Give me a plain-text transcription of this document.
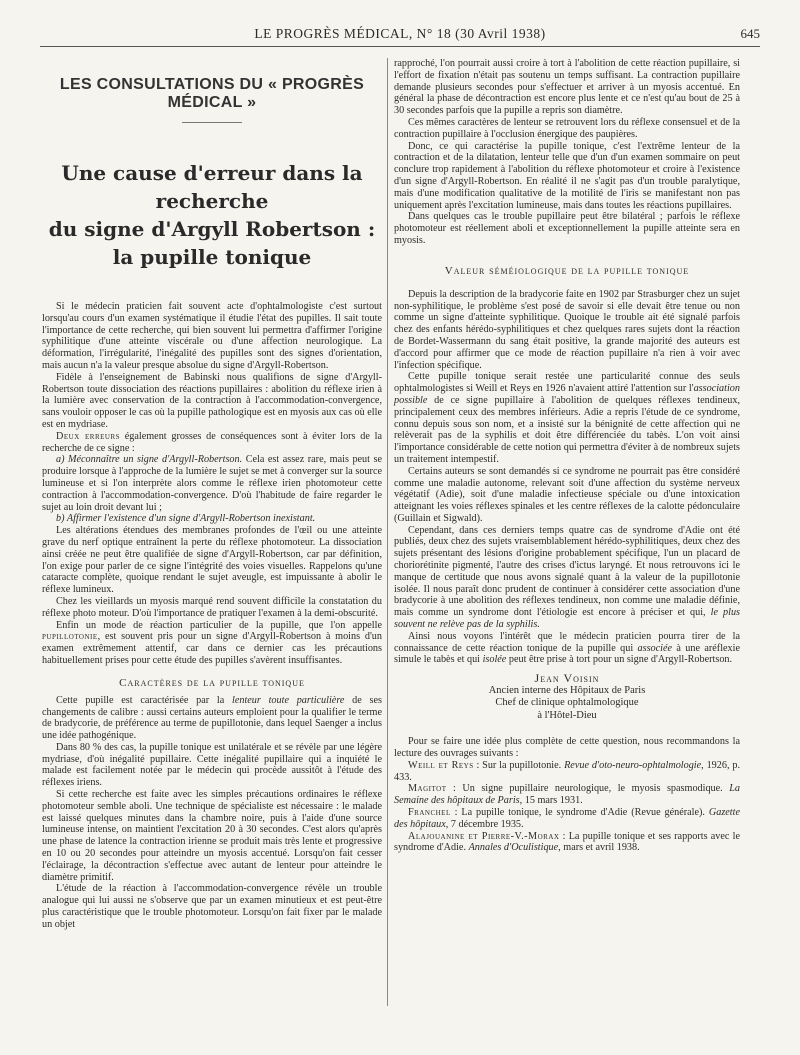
LE PROGRÈS MÉDICAL, N° 18 (30 Avril 1938)	645
LES CONSULTATIONS DU « PROGRÈS MÉDICAL »
Une cause d'erreur dans la recherche
du signe d'Argyll Robertson :
la pupille tonique

Si le médecin praticien fait souvent acte d'ophtalmologiste c'est surtout lorsqu'au cours d'un examen systématique il étudie l'état des pupilles. Il sait toute l'importance de cette recherche, qui bien souvent lui permettra d'affirmer l'origine syphilitique d'une atteinte viscérale ou d'une affection neurologique. La déformation, l'irrégularité, l'inégalité des pupilles sont des signes d'orientation, mais aucun n'a la valeur presque absolue du signe d'Argyll-Robertson.

Fidèle à l'enseignement de Babinski nous qualifions de signe d'Argyll-Robertson toute dissociation des réactions pupillaires : abolition du réflexe irien à la lumière avec conservation de la contraction à l'accommodation-convergence, sans vouloir opposer le cas où la pupille pathologique est en myosis aux cas où elle est en mydriase.

Deux erreurs également grosses de conséquences sont à éviter lors de la recherche de ce signe :

a) Méconnaître un signe d'Argyll-Robertson. Cela est assez rare, mais peut se produire lorsque à l'approche de la lumière le sujet se met à converger sur la source lumineuse et si l'on interprète alors comme le réflexe irien photomoteur cette contraction à l'accommodation-convergence. D'où l'habitude de faire regarder le sujet au loin droit devant lui ;

b) Affirmer l'existence d'un signe d'Argyll-Robertson inexistant.

Les altérations étendues des membranes profondes de l'œil ou une atteinte grave du nerf optique entraînent la perte du réflexe photomoteur. La dissociation ainsi créée ne peut être qualifiée de signe d'Argyll-Robertson, car par définition, l'on exige pour parler de ce signe l'intégrité des voies visuelles. Rappelons qu'une cataracte complète, quoique rendant le sujet aveugle, est impuissante à abolir le réflexe lumineux.

Chez les vieillards un myosis marqué rend souvent difficile la constatation du réflexe photo moteur. D'où l'importance de pratiquer l'examen à la demi-obscurité.

Enfin un mode de réaction particulier de la pupille, que l'on appelle pupillotonie, est souvent pris pour un signe d'Argyll-Robertson à moins d'un examen extrêmement attentif, car dans ce dernier cas les précautions habituellement prises pour cette étude des pupilles s'avèrent insuffisantes.

Caractères de la pupille tonique

Cette pupille est caractérisée par la lenteur toute particulière de ses changements de calibre : aussi certains auteurs emploient pour la qualifier le terme de bradycorie, de préférence au terme de pupillotonie, dans lequel Saenger a inclus une idée pathogénique.

Dans 80 % des cas, la pupille tonique est unilatérale et se révèle par une légère mydriase, d'où inégalité pupillaire. Cette inégalité pupillaire qui a inquiété le malade est facilement notée par le médecin qui procède aussitôt à l'étude des réflexes iriens.

Si cette recherche est faite avec les simples précautions ordinaires le réflexe photomoteur semble aboli. Une technique de spécialiste est nécessaire : le malade est laissé quelques minutes dans la chambre noire, puis à l'aide d'une source lumineuse intense, on maintient l'excitation 20 à 30 secondes. C'est alors qu'après une phase de latence la contraction irienne se produit mais très lente et progressive en 10 ou 20 secondes pour atteindre un myosis accentué. Lorsqu'on fait cesser l'éclairage, la décontraction s'effectue avec autant de lenteur pour atteindre le diamètre primitif.

L'étude de la réaction à l'accommodation-convergence révèle un trouble analogue qui lui aussi ne s'observe que par un examen minutieux et est peut-être plus caractéristique que le trouble photomoteur. Lorsqu'on fait fixer par le malade un objet

rapproché, l'on pourrait aussi croire à tort à l'abolition de cette réaction pupillaire, si l'effort de fixation n'était pas soutenu un temps suffisant. La contraction pupillaire demande plusieurs secondes pour s'effectuer et arriver à un myosis accentué. En général la phase de décontraction est encore plus lente et ce n'est qu'au bout de 25 à 30 secondes parfois que la pupille a repris son diamètre.

Ces mêmes caractères de lenteur se retrouvent lors du réflexe consensuel et de la contraction pupillaire à l'occlusion énergique des paupières.

Donc, ce qui caractérise la pupille tonique, c'est l'extrême lenteur de la contraction et de la dilatation, lenteur telle que d'un d'un examen sommaire on peut conclure trop rapidement à l'abolition du réflexe photomoteur et croire à l'existence d'un signe d'Argyll-Robertson. En réalité il ne s'agit pas d'un trouble paralytique, mais d'une modification qualitative de la motilité de l'iris se manifestant non pas uniquement après l'excitation lumineuse, mais dans toutes les réactions pupillaires.

Dans quelques cas le trouble pupillaire peut être bilatéral ; parfois le réflexe photomoteur est réellement aboli et exceptionnellement la pupille atteinte sera en myosis.

Valeur séméiologique de la pupille tonique

Depuis la description de la bradycorie faite en 1902 par Strasburger chez un sujet non-syphilitique, le problème s'est posé de savoir si elle devait être tenue ou non comme un signe d'atteinte syphilitique. Quoique le trouble ait été signalé parfois chez des enfants hérédo-syphilitiques et chez quelques rares sujets dont la réaction de Bordet-Wassermann du sang était positive, la grande majorité des auteurs est d'accord pour affirmer que ce mode de réaction pupillaire n'a rien à voir avec l'infection spécifique.

Cette pupille tonique serait restée une particularité connue des seuls ophtalmologistes si Weill et Reys en 1926 n'avaient attiré l'attention sur l'association possible de ce signe pupillaire à l'abolition de quelques réflexes tendineux, principalement ceux des membres inférieurs. Adie a repris l'étude de ce syndrome, connu depuis sous son nom, et a insisté sur la bénignité de cette affection qui ne relèverait pas de la syphilis et doit être différenciée du tabès. L'on voit ainsi l'importance considérable de cette notion qui permettra d'éviter à de nombreux sujets un traitement intempestif.

Certains auteurs se sont demandés si ce syndrome ne pourrait pas être considéré comme une maladie autonome, relevant soit d'une affection du système nerveux végétatif (Adie), soit d'une maladie infectieuse spéciale ou d'une intoxication atteignant les voies réflexes spinales et les centre réflexes de la calotte pédonculaire (Guillain et Sigwald).

Cependant, dans ces derniers temps quatre cas de syndrome d'Adie ont été publiés, deux chez des sujets vraisemblablement hérédo-syphilitiques, deux chez des sujets présentant des lésions d'origine probablement spécifique, l'un un placard de choriorétinite pigmenté, l'autre des crises d'ictus laryngé. Et nous retrouvons ici le manque de certitude que nous avons signalé quant à la valeur de la pupillotonie isolée. Il nous paraît donc prudent de continuer à considérer cette association d'une bradycorie à une abolition des réflexes tendineux, non comme une maladie définie, mais comme un syndrome dont l'étiologie est encore à préciser et qui, le plus souvent ne relève pas de la syphilis.

Ainsi nous voyons l'intérêt que le médecin praticien pourra tirer de la connaissance de cette réaction tonique de la pupille qui associée à une aréflexie simule le tabès et qui isolée peut être prise à tort pour un signe d'Argyll-Robertson.

Jean Voisin
Ancien interne des Hôpitaux de Paris
Chef de clinique ophtalmologique
à l'Hôtel-Dieu

Pour se faire une idée plus complète de cette question, nous recommandons la lecture des ouvrages suivants :

Weill et Reys : Sur la pupillotonie. Revue d'oto-neuro-ophtalmologie, 1926, p. 433.

Magitot : Un signe pupillaire neurologique, le myosis spasmodique. La Semaine des hôpitaux de Paris, 15 mars 1931.

Franchel : La pupille tonique, le syndrome d'Adie (Revue générale). Gazette des hôpitaux, 7 décembre 1935.

Alajouanine et Pierre-V.-Morax : La pupille tonique et ses rapports avec le syndrome d'Adie. Annales d'Oculistique, mars et avril 1938.
